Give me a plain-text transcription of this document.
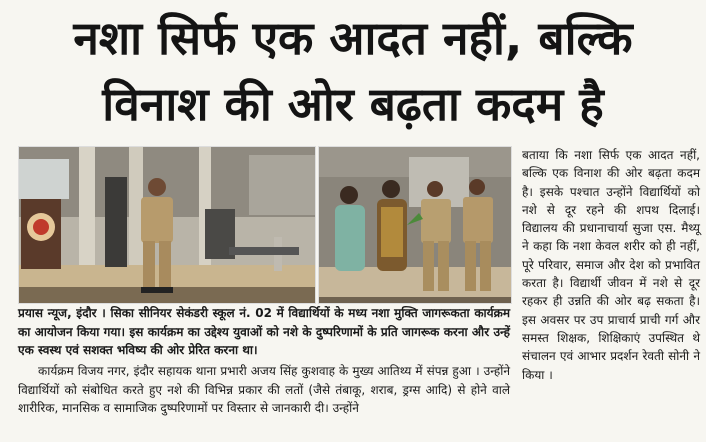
नशा सिर्फ एक आदत नहीं, बल्कि
विनाश की ओर बढ़ता कदम है
बताया कि नशा सिर्फ एक आदत नहीं, बल्कि एक विनाश की ओर बढ़ता कदम है। इसके पश्चात उन्होंने विद्यार्थियों को नशे से दूर रहने की शपथ दिलाई। विद्यालय की प्रधानाचार्या सुजा एस. मैथ्यू ने कहा कि नशा केवल शरीर को ही नहीं, पूरे परिवार, समाज और देश को प्रभावित करता है। विद्यार्थी जीवन में नशे से दूर रहकर ही उन्नति की ओर बढ़ सकता है। इस अवसर पर उप प्राचार्य प्राची गर्ग और समस्त शिक्षक, शिक्षिकाएं उपस्थित थे संचालन एवं आभार प्रदर्शन रेवती सोनी ने किया ।
प्रयास न्यूज, इंदौर । सिका सीनियर सेकंडरी स्कूल नं. 02 में विद्यार्थियों के मध्य नशा मुक्ति जागरूकता कार्यक्रम का आयोजन किया गया। इस कार्यक्रम का उद्देश्य युवाओं को नशे के दुष्परिणामों के प्रति जागरूक करना और उन्हें एक स्वस्थ एवं सशक्त भविष्य की ओर प्रेरित करना था।
कार्यक्रम विजय नगर, इंदौर सहायक थाना प्रभारी अजय सिंह कुशवाह के मुख्य आतिथ्य में संपन्न हुआ । उन्होंने विद्यार्थियों को संबोधित करते हुए नशे की विभिन्न प्रकार की लतों (जैसे तंबाकू, शराब, ड्रग्स आदि) से होने वाले शारीरिक, मानसिक व सामाजिक दुष्परिणामों पर विस्तार से जानकारी दी। उन्होंने
